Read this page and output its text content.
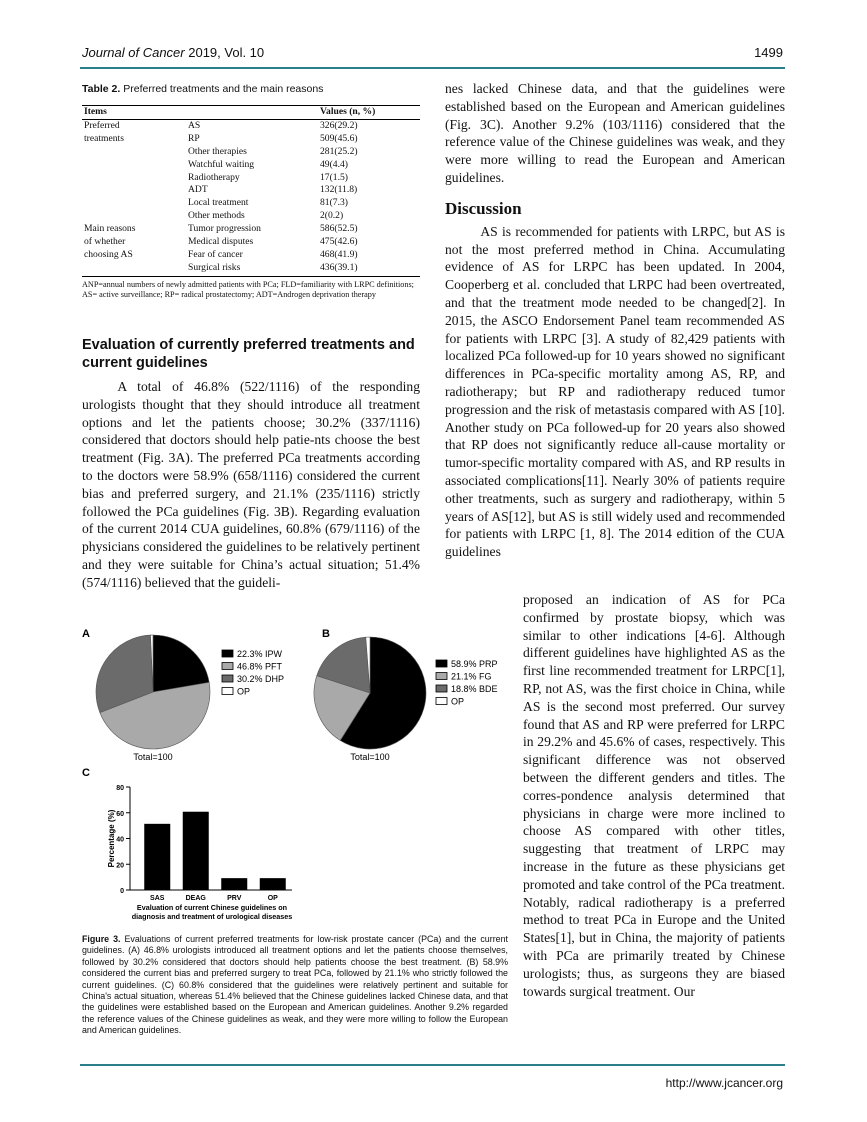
Journal of Cancer 2019, Vol. 10	1499
Table 2. Preferred treatments and the main reasons
Items		Values (n, %)
Preferred	AS	326(29.2)
treatments	RP	509(45.6)
	Other therapies	281(25.2)
	Watchful waiting	49(4.4)
	Radiotherapy	17(1.5)
	ADT	132(11.8)
	Local treatment	81(7.3)
	Other methods	2(0.2)
Main reasons	Tumor progression	586(52.5)
of whether	Medical disputes	475(42.6)
choosing AS	Fear of cancer	468(41.9)
	Surgical risks	436(39.1)
ANP=annual numbers of newly admitted patients with PCa; FLD=familiarity with LRPC definitions; AS= active surveillance; RP= radical prostatectomy; ADT=Androgen deprivation therapy
Evaluation of currently preferred treatments and current guidelines

A total of 46.8% (522/1116) of the responding urologists thought that they should introduce all treatment options and let the patients choose; 30.2% (337/1116) considered that doctors should help patie-nts choose the best treatment (Fig. 3A). The preferred PCa treatments according to the doctors were 58.9% (658/1116) considered the current bias and preferred surgery, and 21.1% (235/1116) strictly followed the PCa guidelines (Fig. 3B). Regarding evaluation of the current 2014 CUA guidelines, 60.8% (679/1116) of the physicians considered the guidelines to be relatively pertinent and they were suitable for China’s actual situation; 51.4% (574/1116) believed that the guideli-

nes lacked Chinese data, and that the guidelines were established based on the European and American guidelines (Fig. 3C). Another 9.2% (103/1116) considered that the reference value of the Chinese guidelines was weak, and they were more willing to read the European and American guidelines.

Discussion

AS is recommended for patients with LRPC, but AS is not the most preferred method in China. Accumulating evidence of AS for LRPC has been updated. In 2004, Cooperberg et al. concluded that LRPC had been overtreated, and that the treatment mode needed to be changed[2]. In 2015, the ASCO Endorsement Panel team recommended AS for patients with LRPC [3]. A study of 82,429 patients with localized PCa followed-up for 10 years showed no significant differences in PCa-specific mortality among AS, RP, and radiotherapy; but RP and radiotherapy reduced tumor progression and the risk of metastasis compared with AS [10]. Another study on PCa followed-up for 20 years also showed that RP does not significantly reduce all-cause mortality or tumor-specific mortality compared with AS, and RP results in associated complications[11]. Nearly 30% of patients require other treatments, such as surgery and radiotherapy, within 5 years of AS[12], but AS is still widely used and recommended for patients with LRPC [1, 8]. The 2014 edition of the CUA guidelines

proposed an indication of AS for PCa confirmed by prostate biopsy, which was similar to other indications [4-6]. Although different guidelines have highlighted AS as the first line recommended treatment for LRPC[1], RP, not AS, was the first choice in China, while AS is the second most preferred. Our survey found that AS and RP were preferred for LRPC in 29.2% and 45.6% of cases, respectively. This significant difference was not observed between the different genders and titles. The corres-pondence analysis determined that physicians in charge were more inclined to choose AS compared with other titles, suggesting that treatment of LRPC may increase in the future as these physicians get promoted and take control of the PCa treatment. Notably, radical radiotherapy is a preferred method to treat PCa in Europe and the United States[1], but in China, the majority of patients with PCa are primarily treated by Chinese urologists; thus, as surgeons they are biased towards surgical treatment. Our

A	B
C
Total=100
22.3% IPW
46.8% PFT
30.2% DHP
OP
Total=100
58.9% PRP
21.1% FG
18.8% BDE
OP
0
20
40
60
80
SAS	DEAG	PRV	OP
Percentage (%)
Evaluation of current Chinese guidelines on
diagnosis and treatment of urological diseases
Figure 3. Evaluations of current preferred treatments for low-risk prostate cancer (PCa) and the current guidelines. (A) 46.8% urologists introduced all treatment options and let the patients choose themselves, followed by 30.2% considered that doctors should help patients choose the best treatment. (B) 58.9% considered the current bias and preferred surgery to treat PCa, followed by 21.1% who strictly followed the current guidelines. (C) 60.8% considered that the guidelines were relatively pertinent and suitable for China's actual situation, whereas 51.4% believed that the Chinese guidelines lacked Chinese data, and that the guidelines were established based on the European and American guidelines. Another 9.2% regarded the reference values of the Chinese guidelines as weak, and they were more willing to follow the European and American guidelines.
http://www.jcancer.org
